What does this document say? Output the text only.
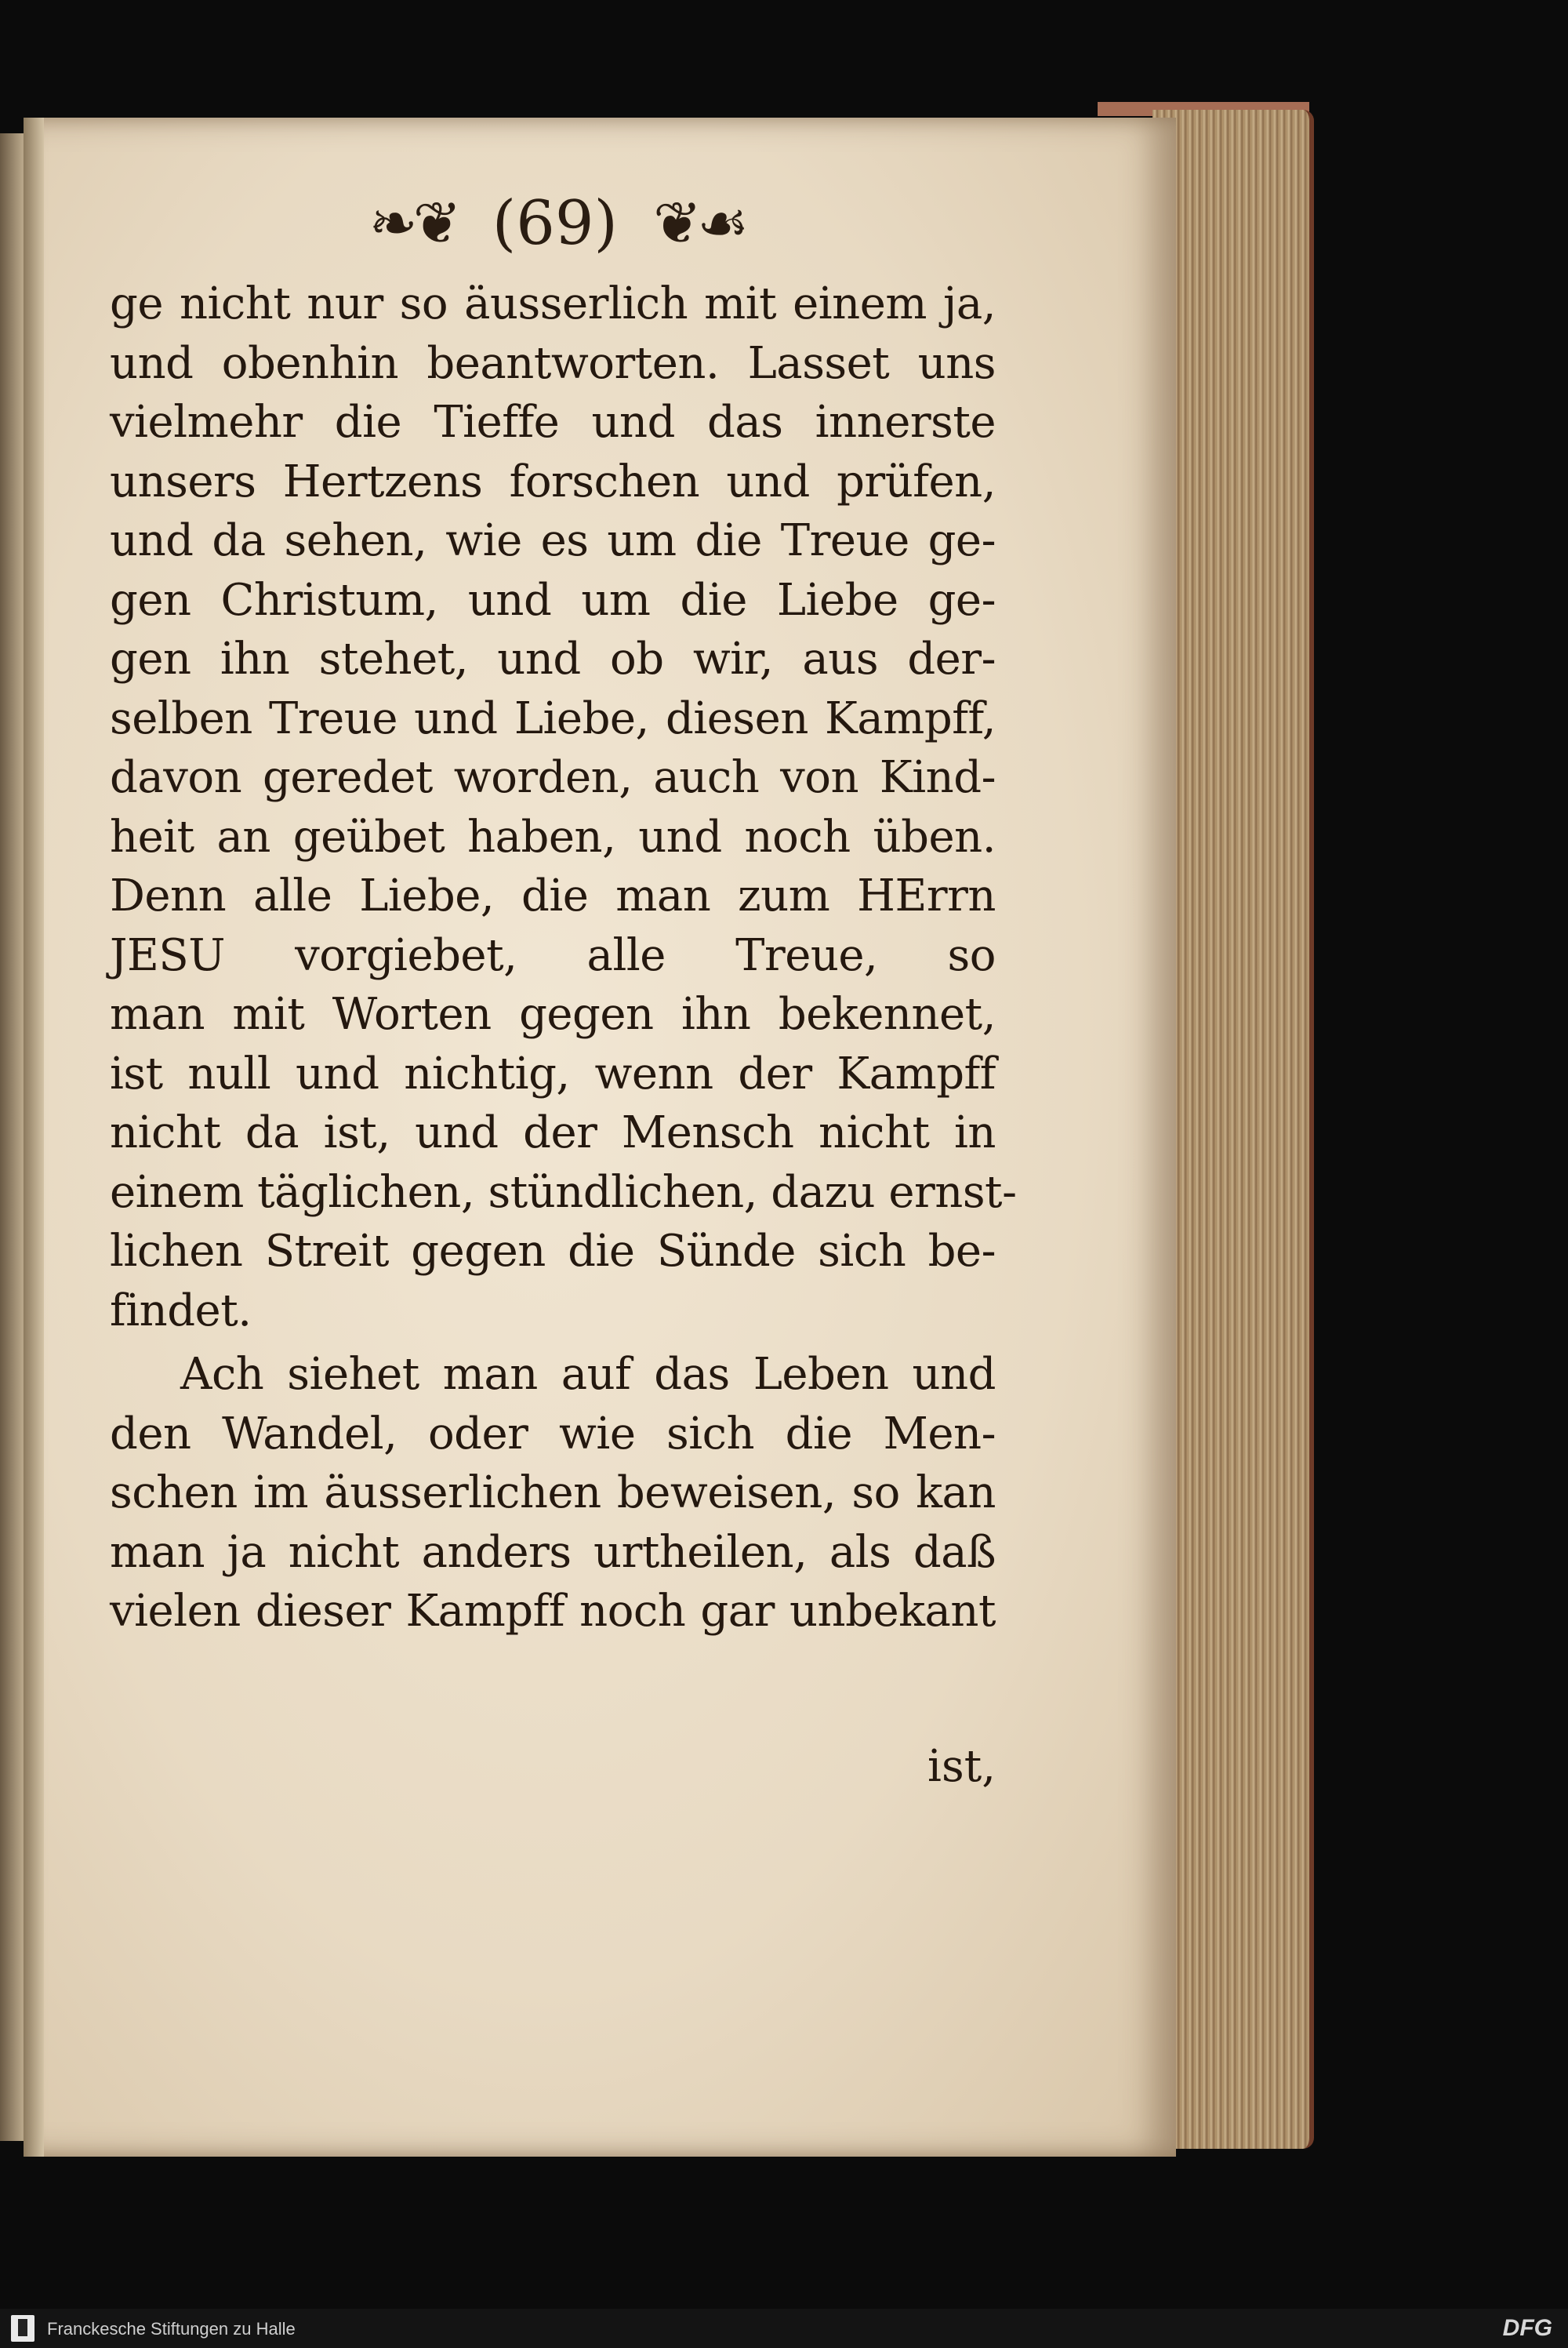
❧❦ (69) ❦☙
ge nicht nur so äusserlich mit einem ja,
und obenhin beantworten. Lasset uns
vielmehr die Tieffe und das innerste
unsers Hertzens forschen und prüfen,
und da sehen, wie es um die Treue ge-
gen Christum, und um die Liebe ge-
gen ihn stehet, und ob wir, aus der-
selben Treue und Liebe, diesen Kampff,
davon geredet worden, auch von Kind-
heit an geübet haben, und noch üben.
Denn alle Liebe, die man zum HErrn
JESU vorgiebet, alle Treue, so
man mit Worten gegen ihn bekennet,
ist null und nichtig, wenn der Kampff
nicht da ist, und der Mensch nicht in
einem täglichen, stündlichen, dazu ernst-
lichen Streit gegen die Sünde sich be-
findet.
Ach siehet man auf das Leben und
den Wandel, oder wie sich die Men-
schen im äusserlichen beweisen, so kan
man ja nicht anders urtheilen, als daß
vielen dieser Kampff noch gar unbekant
ist,
Franckesche Stiftungen zu Halle	DFG
